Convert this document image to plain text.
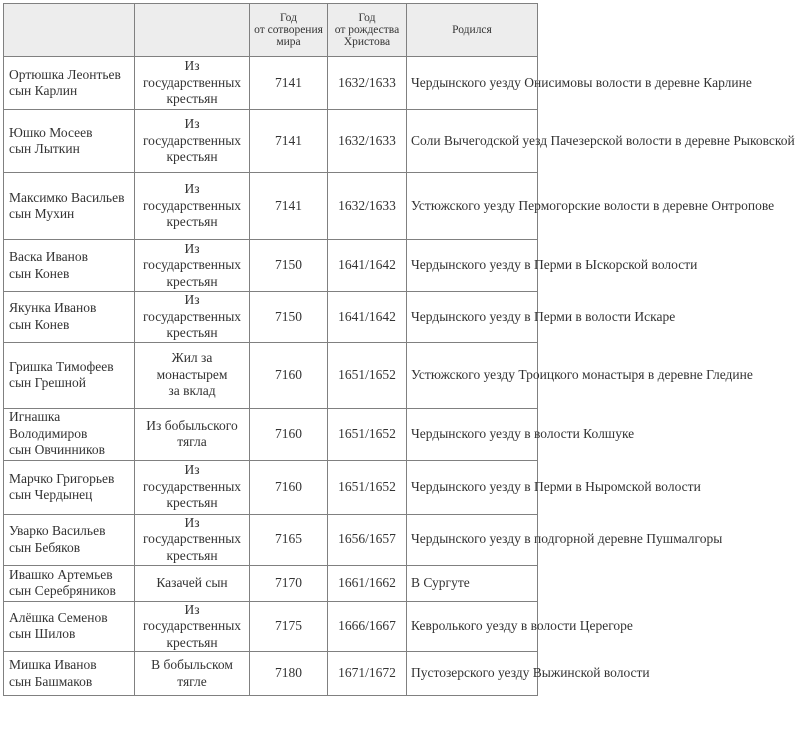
		Год
от сотворения
мира	Год
от рождества
Христова	Родился
Ортюшка Леонтьев
сын Карлин	Из
государственных
крестьян	7141	1632/1633	Чердынского уезду Онисимовы волости в деревне Карлине
Юшко Мосеев
сын Лыткин	Из
государственных
крестьян	7141	1632/1633	Соли Вычегодской уезд Пачезерской волости в деревне Рыковской
Максимко Васильев
сын Мухин	Из
государственных
крестьян	7141	1632/1633	Устюжского уезду Пермогорские волости в деревне Онтропове
Васка Иванов
сын Конев	Из
государственных
крестьян	7150	1641/1642	Чердынского уезду в Перми в Ыскорской волости
Якунка Иванов
сын Конев	Из
государственных
крестьян	7150	1641/1642	Чердынского уезду в Перми в волости Искаре
Гришка Тимофеев
сын Грешной	Жил за
монастырем
за вклад	7160	1651/1652	Устюжского уезду Троицкого монастыря в деревне Гледине
Игнашка
Володимиров
сын Овчинников	Из бобыльского
тягла	7160	1651/1652	Чердынского уезду в волости Колшуке
Марчко Григорьев
сын Чердынец	Из
государственных
крестьян	7160	1651/1652	Чердынского уезду в Перми в Ныромской волости
Уварко Васильев
сын Бебяков	Из
государственных
крестьян	7165	1656/1657	Чердынского уезду в подгорной деревне Пушмалгоры
Ивашко Артемьев
сын Серебряников	Казачей сын	7170	1661/1662	В Сургуте
Алёшка Семенов
сын Шилов	Из
государственных
крестьян	7175	1666/1667	Кевролького уезду в волости Церегоре
Мишка Иванов
сын Башмаков	В бобыльском
тягле	7180	1671/1672	Пустозерского уезду Выжинской волости
